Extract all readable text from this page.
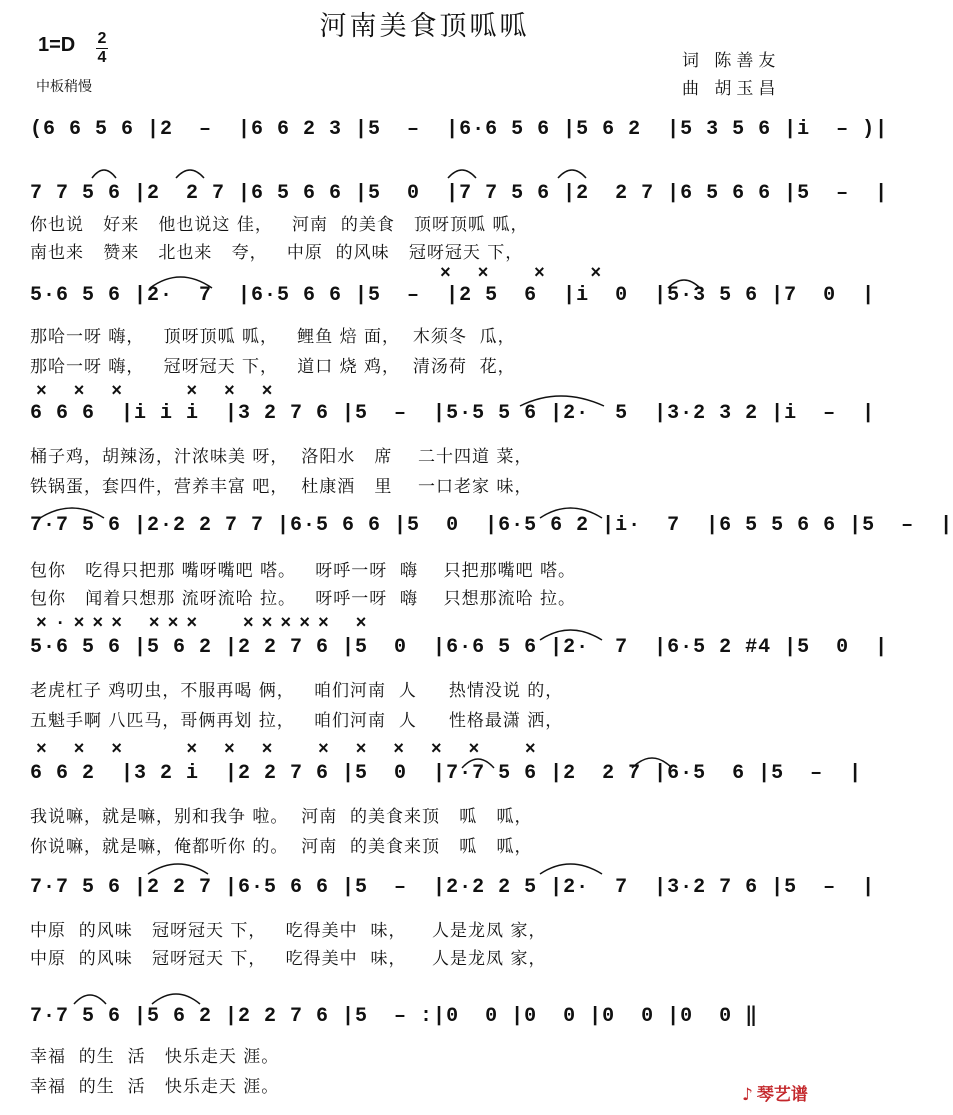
河南美食顶呱呱
1=D 2
4
中板稍慢
词 陈善友
曲 胡玉昌
(6 6 5 6 |2  –  |6 6 2 3 |5  –  |6·6 5 6 |5 6 2  |5 3 5 6 |i  – )|
7 7 5 6 |2  2 7 |6 5 6 6 |5  0  |7 7 5 6 |2  2 7 |6 5 6 6 |5  –  |
你也说   好来   他也说这 佳，   河南  的美食   顶呀顶呱 呱，
南也来   赞来   北也来   夸，   中原  的风味   冠呀冠天 下，
× ×  ×  ×
5·6 5 6 |2·  7  |6·5 6 6 |5  –  |2 5  6  |i  0  |5·3 5 6 |7  0  |
那哈一呀 嗨，   顶呀顶呱 呱，   鲤鱼 焙 面，  木须冬  瓜，
那哈一呀 嗨，   冠呀冠天 下，   道口 烧 鸡，  清汤荷  花，
× × ×   × × ×
6 6 6  |i i i  |3 2 7 6 |5  –  |5·5 5 6 |2·  5  |3·2 3 2 |i  –  |
桶子鸡，胡辣汤，汁浓味美 呀，  洛阳水   席    二十四道 菜，
铁锅蛋，套四件，营养丰富 吧，  杜康酒   里    一口老家 味，
7·7 5 6 |2·2 2 7 7 |6·5 6 6 |5  0  |6·5 6 2 |i·  7  |6 5 5 6 6 |5  –  |
包你   吃得只把那 嘴呀嘴吧 嗒。   呀呼一呀  嗨    只把那嘴吧 嗒。
包你   闻着只想那 流呀流哈 拉。   呀呼一呀  嗨    只想那流哈 拉。
×·××× ×××  ××××× ×
5·6 5 6 |5 6 2 |2 2 7 6 |5  0  |6·6 5 6 |2·  7  |6·5 2 #4 |5  0  |
老虎杠子 鸡叨虫，不服再喝 俩，   咱们河南  人     热情没说 的，
五魁手啊 八匹马，哥俩再划 拉，   咱们河南  人     性格最潇 洒，
× × ×   × × ×  × × × × ×  ×
6 6 2  |3 2 i  |2 2 7 6 |5  0  |7·7 5 6 |2  2 7 |6·5  6 |5  –  |
我说嘛，就是嘛，别和我争 啦。  河南  的美食来顶   呱   呱，
你说嘛，就是嘛，俺都听你 的。  河南  的美食来顶   呱   呱，
7·7 5 6 |2 2 7 |6·5 6 6 |5  –  |2·2 2 5 |2·  7  |3·2 7 6 |5  –  |
中原  的风味   冠呀冠天 下，   吃得美中  味，    人是龙凤 家，
中原  的风味   冠呀冠天 下，   吃得美中  味，    人是龙凤 家，
7·7 5 6 |5 6 2 |2 2 7 6 |5  – :|0  0 |0  0 |0  0 |0  0 ‖
幸福  的生  活   快乐走天 涯。
幸福  的生  活   快乐走天 涯。	♪ 琴艺谱
